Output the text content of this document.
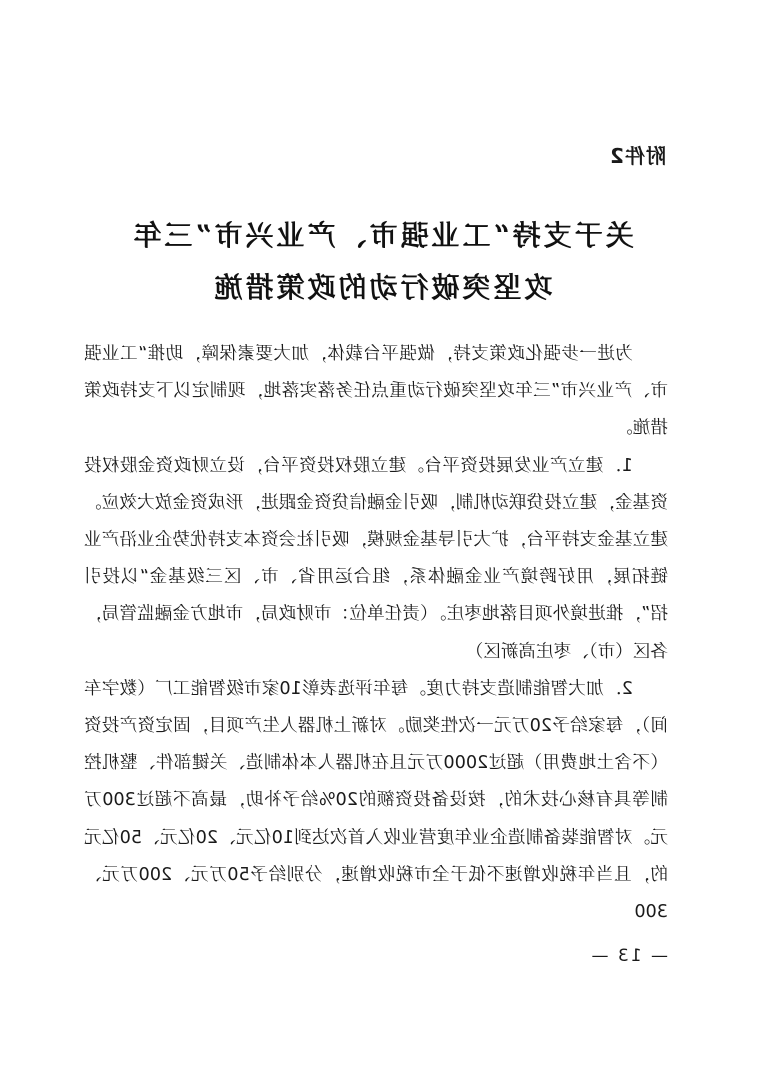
附件2
关于支持“工业强市、产业兴市”三年
攻坚突破行动的政策措施

为进一步强化政策支持，做强平台载体，加大要素保障，助推“工业强市、产业兴市”三年攻坚突破行动重点任务落实落地，现制定以下支持政策措施。

1．建立产业发展投资平台。建立股权投资平台，设立财政资金股权投资基金，建立投贷联动机制，吸引金融信贷资金跟进，形成资金放大效应。建立基金支持平台，扩大引导基金规模，吸引社会资本支持优势企业沿产业链拓展，用好跨境产业金融体系，组合运用省、市、区三级基金“以投引招”，推进境外项目落地枣庄。（责任单位：市财政局，市地方金融监管局，各区（市）、枣庄高新区）

2．加大智能制造支持力度。每年评选表彰10家市级智能工厂（数字车间），每家给予20万元一次性奖励。对新上机器人生产项目，固定资产投资（不含土地费用）超过2000万元且在机器人本体制造、关键部件、整机控制等具有核心技术的，按设备投资额的20%给予补助，最高不超过300万元。对智能装备制造企业年度营业收入首次达到10亿元、20亿元、50亿元的，且当年税收增速不低于全市税收增速，分别给予50万元、200万元、300

— 13 —
